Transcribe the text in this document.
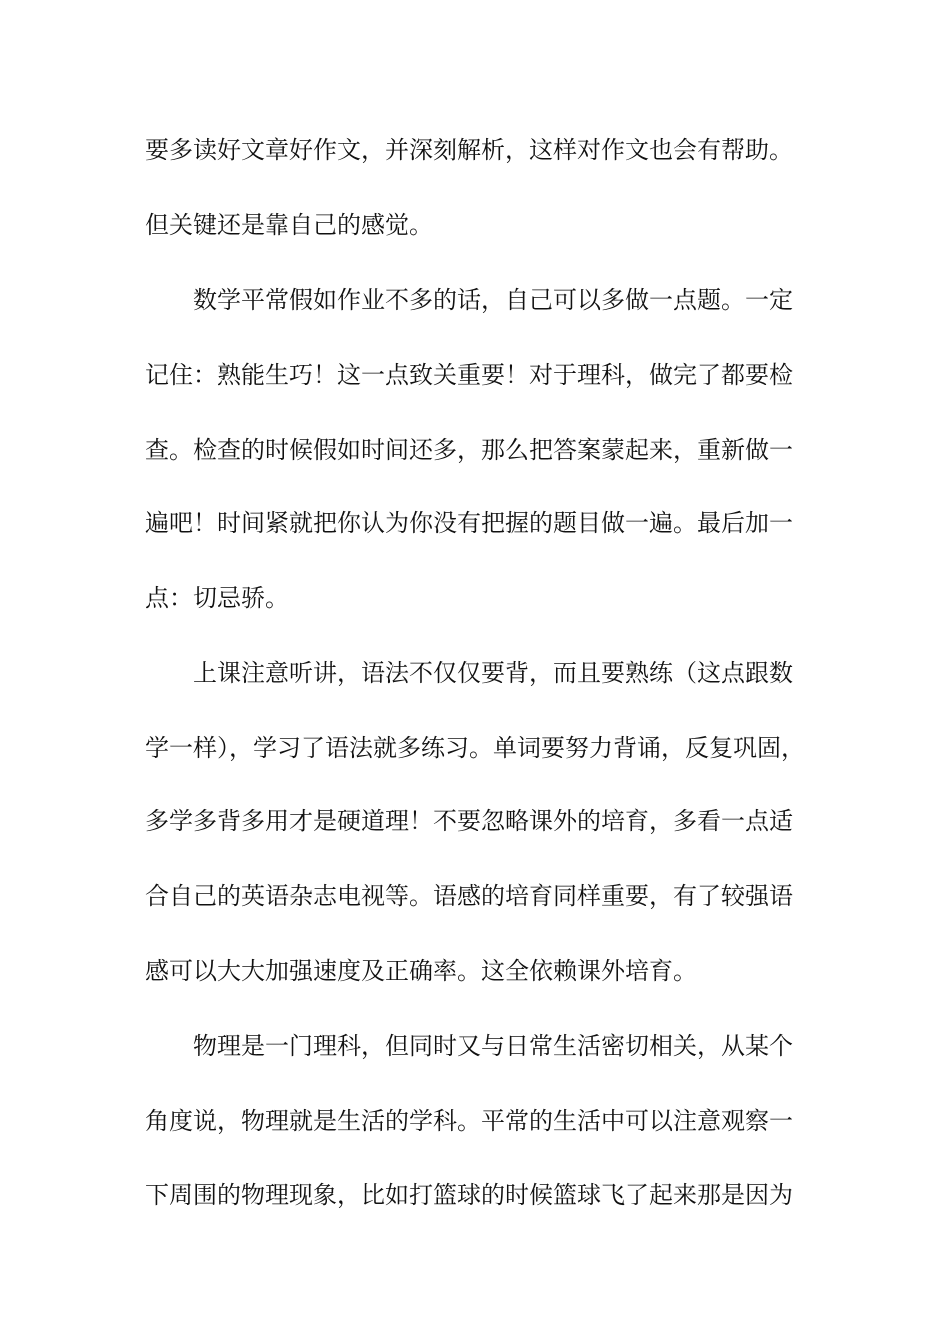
要多读好文章好作文，并深刻解析，这样对作文也会有帮助。

但关键还是靠自己的感觉。

数学平常假如作业不多的话，自己可以多做一点题。一定

记住：熟能生巧！这一点致关重要！对于理科，做完了都要检

查。检查的时候假如时间还多，那么把答案蒙起来，重新做一

遍吧！时间紧就把你认为你没有把握的题目做一遍。最后加一

点：切忌骄。

上课注意听讲，语法不仅仅要背，而且要熟练（这点跟数

学一样），学习了语法就多练习。单词要努力背诵，反复巩固，

多学多背多用才是硬道理！不要忽略课外的培育，多看一点适

合自己的英语杂志电视等。语感的培育同样重要，有了较强语

感可以大大加强速度及正确率。这全依赖课外培育。

物理是一门理科，但同时又与日常生活密切相关，从某个

角度说，物理就是生活的学科。平常的生活中可以注意观察一

下周围的物理现象，比如打篮球的时候篮球飞了起来那是因为
